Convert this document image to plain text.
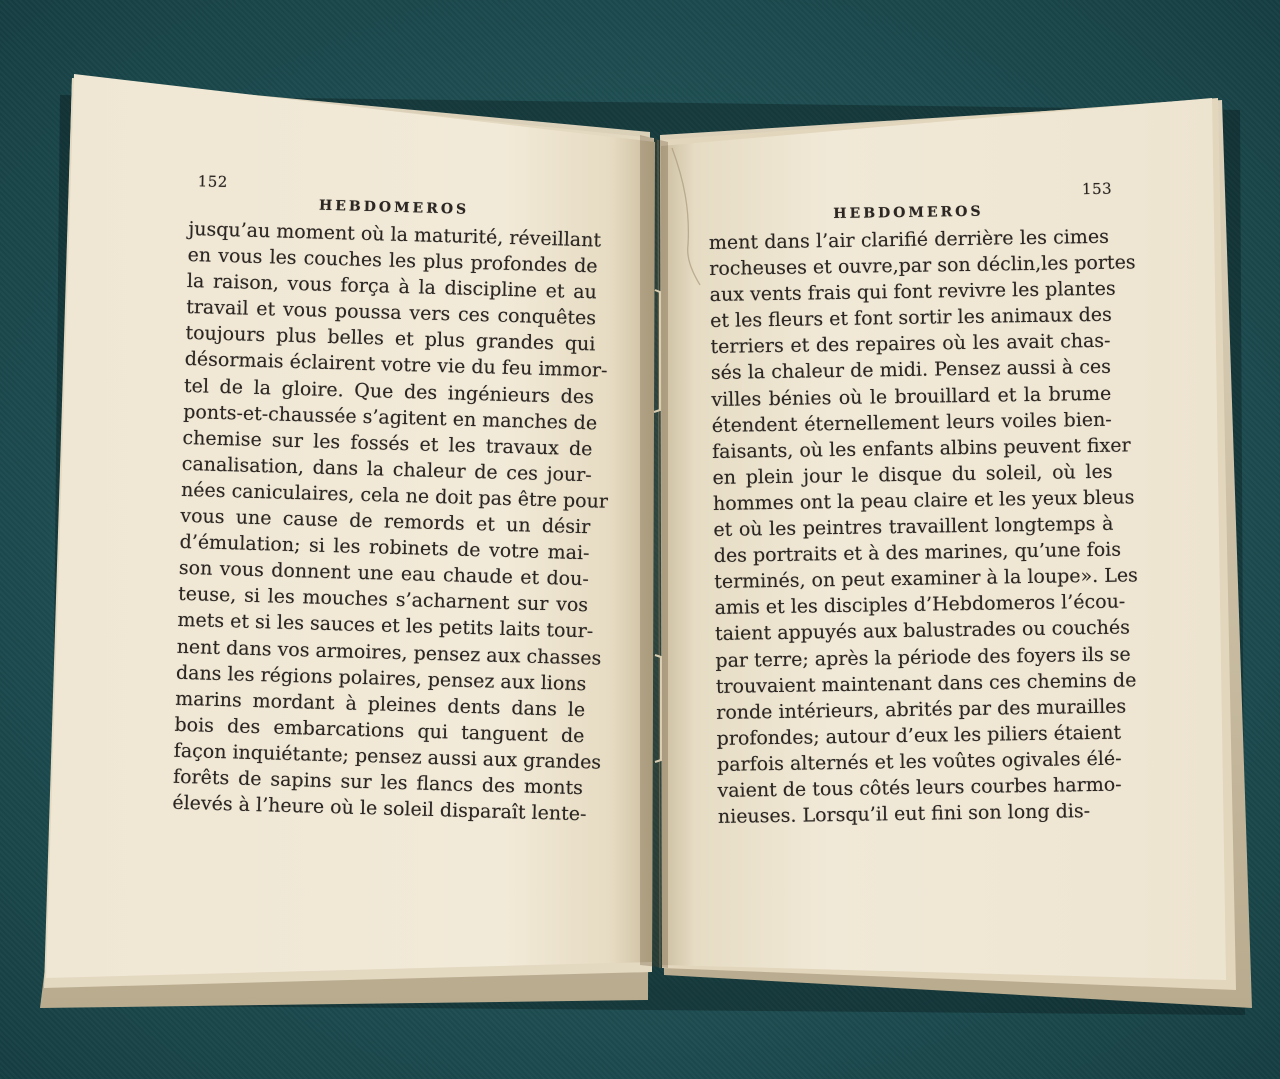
152
HEBDOMEROS
jusqu’au moment où la maturité, réveillant
en vous les couches les plus profondes de
la raison, vous força à la discipline et au
travail et vous poussa vers ces conquêtes
toujours plus belles et plus grandes qui
désormais éclairent votre vie du feu immor-
tel de la gloire. Que des ingénieurs des
ponts-et-chaussée s’agitent en manches de
chemise sur les fossés et les travaux de
canalisation, dans la chaleur de ces jour-
nées caniculaires, cela ne doit pas être pour
vous une cause de remords et un désir
d’émulation; si les robinets de votre mai-
son vous donnent une eau chaude et dou-
teuse, si les mouches s’acharnent sur vos
mets et si les sauces et les petits laits tour-
nent dans vos armoires, pensez aux chasses
dans les régions polaires, pensez aux lions
marins mordant à pleines dents dans le
bois des embarcations qui tanguent de
façon inquiétante; pensez aussi aux grandes
forêts de sapins sur les flancs des monts
élevés à l’heure où le soleil disparaît lente-
153
HEBDOMEROS
ment dans l’air clarifié derrière les cimes
rocheuses et ouvre,par son déclin,les portes
aux vents frais qui font revivre les plantes
et les fleurs et font sortir les animaux des
terriers et des repaires où les avait chas-
sés la chaleur de midi. Pensez aussi à ces
villes bénies où le brouillard et la brume
étendent éternellement leurs voiles bien-
faisants, où les enfants albins peuvent fixer
en plein jour le disque du soleil, où les
hommes ont la peau claire et les yeux bleus
et où les peintres travaillent longtemps à
des portraits et à des marines, qu’une fois
terminés, on peut examiner à la loupe». Les
amis et les disciples d’Hebdomeros l’écou-
taient appuyés aux balustrades ou couchés
par terre; après la période des foyers ils se
trouvaient maintenant dans ces chemins de
ronde intérieurs, abrités par des murailles
profondes; autour d’eux les piliers étaient
parfois alternés et les voûtes ogivales élé-
vaient de tous côtés leurs courbes harmo-
nieuses. Lorsqu’il eut fini son long dis-
